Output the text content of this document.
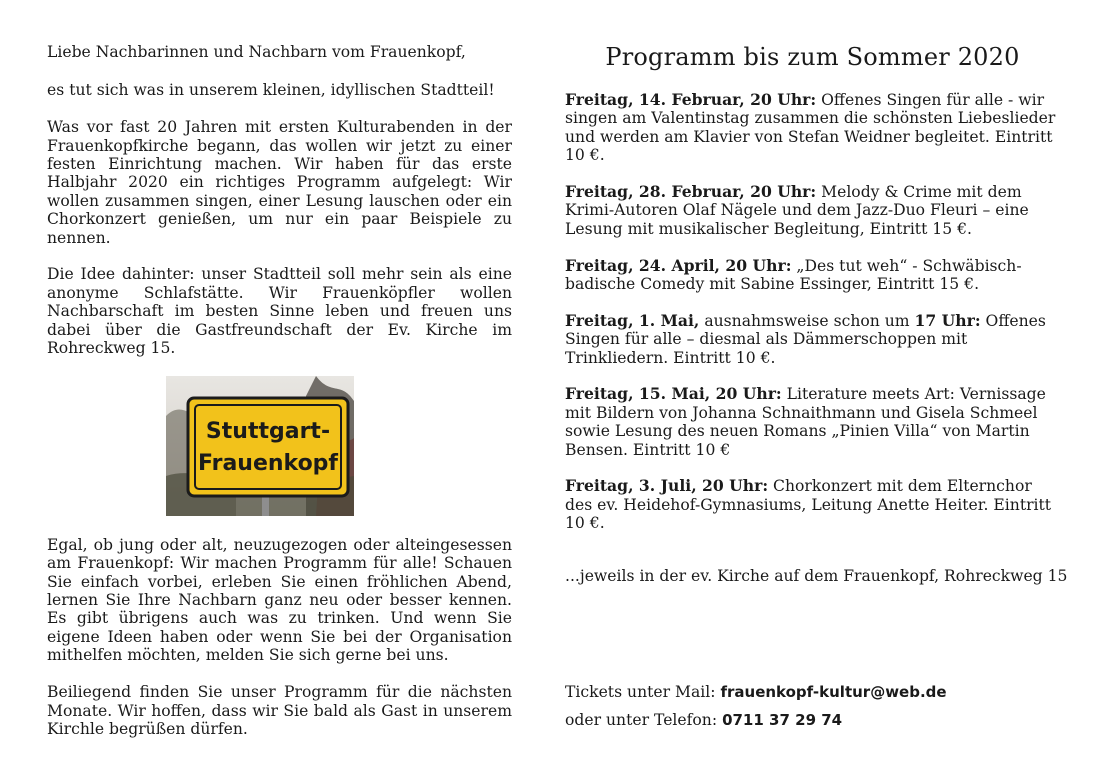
Liebe Nachbarinnen und Nachbarn vom Frauenkopf,

es tut sich was in unserem kleinen, idyllischen Stadtteil!

Was vor fast 20 Jahren mit ersten Kulturabenden in der Frauenkopfkirche begann, das wollen wir jetzt zu einer festen Einrichtung machen. Wir haben für das erste Halbjahr 2020 ein richtiges Programm aufgelegt: Wir wollen zusammen singen, einer Lesung lauschen oder ein Chorkonzert genießen, um nur ein paar Beispiele zu nennen.

Die Idee dahinter: unser Stadtteil soll mehr sein als eine anonyme Schlafstätte. Wir Frauenköpfler wollen Nachbarschaft im besten Sinne leben und freuen uns dabei über die Gastfreundschaft der Ev. Kirche im Rohreckweg 15.

Stuttgart-
Frauenkopf

Egal, ob jung oder alt, neuzugezogen oder alteingesessen am Frauenkopf: Wir machen Programm für alle! Schauen Sie einfach vorbei, erleben Sie einen fröhlichen Abend, lernen Sie Ihre Nachbarn ganz neu oder besser kennen. Es gibt übrigens auch was zu trinken. Und wenn Sie eigene Ideen haben oder wenn Sie bei der Organisation mithelfen möchten, melden Sie sich gerne bei uns.

Beiliegend finden Sie unser Programm für die nächsten Monate. Wir hoffen, dass wir Sie bald als Gast in unserem Kirchle begrüßen dürfen.

Programm bis zum Sommer 2020

Freitag, 14. Februar, 20 Uhr: Offenes Singen für alle - wir singen am Valentinstag zusammen die schönsten Liebeslieder und werden am Klavier von Stefan Weidner begleitet. Eintritt 10 €.

Freitag, 28. Februar, 20 Uhr: Melody & Crime mit dem Krimi-Autoren Olaf Nägele und dem Jazz-Duo Fleuri – eine Lesung mit musikalischer Begleitung, Eintritt 15 €.

Freitag, 24. April, 20 Uhr: „Des tut weh“ - Schwäbisch-badische Comedy mit Sabine Essinger, Eintritt 15 €.

Freitag, 1. Mai, ausnahmsweise schon um 17 Uhr: Offenes Singen für alle – diesmal als Dämmerschoppen mit Trinkliedern. Eintritt 10 €.

Freitag, 15. Mai, 20 Uhr: Literature meets Art: Vernissage mit Bildern von Johanna Schnaithmann und Gisela Schmeel sowie Lesung des neuen Romans „Pinien Villa“ von Martin Bensen. Eintritt 10 €

Freitag, 3. Juli, 20 Uhr: Chorkonzert mit dem Elternchor des ev. Heidehof-Gymnasiums, Leitung Anette Heiter. Eintritt 10 €.

...jeweils in der ev. Kirche auf dem Frauenkopf, Rohreckweg 15
Tickets unter Mail: frauenkopf-kultur@web.de
oder unter Telefon: 0711 37 29 74
